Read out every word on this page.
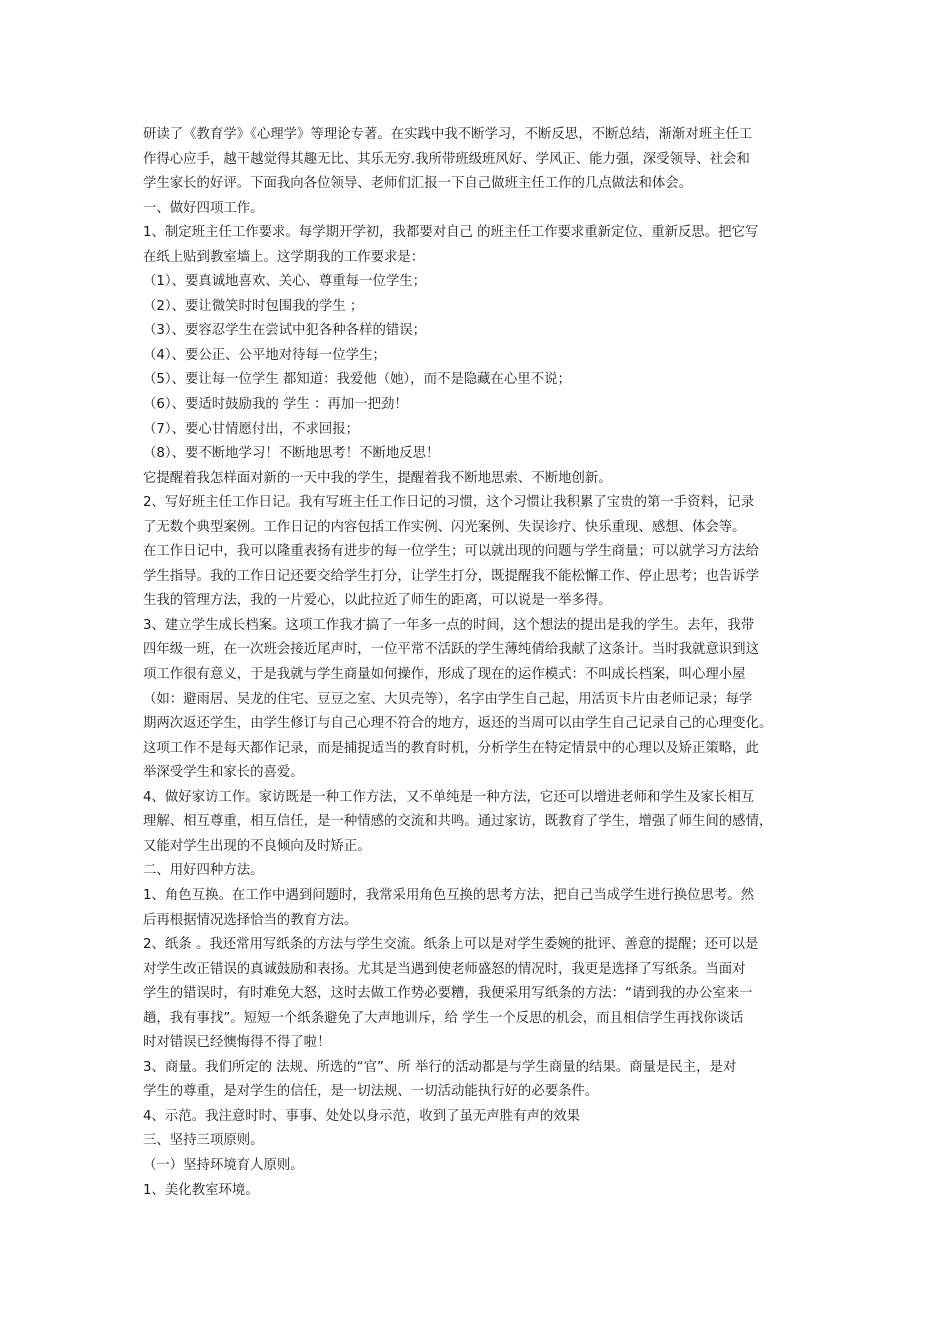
研读了《教育学》《心理学》等理论专著。在实践中我不断学习，不断反思，不断总结，渐渐对班主任工
作得心应手，越干越觉得其趣无比、其乐无穷.我所带班级班风好、学风正、能力强，深受领导、社会和
学生家长的好评。下面我向各位领导、老师们汇报一下自己做班主任工作的几点做法和体会。
一、做好四项工作。
1、制定班主任工作要求。每学期开学初，我都要对自己 的班主任工作要求重新定位、重新反思。把它写
在纸上贴到教室墙上。这学期我的工作要求是：
（1）、要真诚地喜欢、关心、尊重每一位学生；
（2）、要让微笑时时包围我的学生 ；
（3）、要容忍学生在尝试中犯各种各样的错误；
（4）、要公正、公平地对待每一位学生；
（5）、要让每一位学生 都知道：我爱他（她），而不是隐藏在心里不说；
（6）、要适时鼓励我的 学生 ：再加一把劲！
（7）、要心甘情愿付出，不求回报；
（8）、要不断地学习！不断地思考！不断地反思！
它提醒着我怎样面对新的一天中我的学生，提醒着我不断地思索、不断地创新。
2、写好班主任工作日记。我有写班主任工作日记的习惯，这个习惯让我积累了宝贵的第一手资料，记录
了无数个典型案例。工作日记的内容包括工作实例、闪光案例、失误诊疗、快乐重现、感想、体会等。
在工作日记中，我可以隆重表扬有进步的每一位学生；可以就出现的问题与学生商量；可以就学习方法给
学生指导。我的工作日记还要交给学生打分，让学生打分，既提醒我不能松懈工作、停止思考；也告诉学
生我的管理方法，我的一片爱心，以此拉近了师生的距离，可以说是一举多得。
3、建立学生成长档案。这项工作我才搞了一年多一点的时间，这个想法的提出是我的学生。去年，我带
四年级一班，在一次班会接近尾声时，一位平常不活跃的学生薄纯倩给我献了这条计。当时我就意识到这
项工作很有意义，于是我就与学生商量如何操作，形成了现在的运作模式：不叫成长档案，叫心理小屋
（如：避雨居、吴龙的住宅、豆豆之室、大贝壳等），名字由学生自己起，用活页卡片由老师记录；每学
期两次返还学生，由学生修订与自己心理不符合的地方，返还的当周可以由学生自己记录自己的心理变化。
这项工作不是每天都作记录，而是捕捉适当的教育时机，分析学生在特定情景中的心理以及矫正策略，此
举深受学生和家长的喜爱。
4、做好家访工作。家访既是一种工作方法，又不单纯是一种方法，它还可以增进老师和学生及家长相互
理解、相互尊重，相互信任，是一种情感的交流和共鸣。通过家访，既教育了学生，增强了师生间的感情，
又能对学生出现的不良倾向及时矫正。
二、用好四种方法。
1、角色互换。在工作中遇到问题时，我常采用角色互换的思考方法，把自己当成学生进行换位思考。然
后再根据情况选择恰当的教育方法。
2、纸条 。我还常用写纸条的方法与学生交流。纸条上可以是对学生委婉的批评、善意的提醒；还可以是
对学生改正错误的真诚鼓励和表扬。尤其是当遇到使老师盛怒的情况时，我更是选择了写纸条。当面对
学生的错误时，有时难免大怒，这时去做工作势必要糟，我便采用写纸条的方法：“请到我的办公室来一
趟，我有事找”。短短一个纸条避免了大声地训斥，给 学生一个反思的机会，而且相信学生再找你谈话
时对错误已经懊悔得不得了啦！
3、商量。我们所定的 法规、所选的“官”、所 举行的活动都是与学生商量的结果。商量是民主，是对
学生的尊重，是对学生的信任，是一切法规、一切活动能执行好的必要条件。
4、示范。我注意时时、事事、处处以身示范，收到了虽无声胜有声的效果
三、坚持三项原则。
（一）坚持环境育人原则。
1、美化教室环境。
